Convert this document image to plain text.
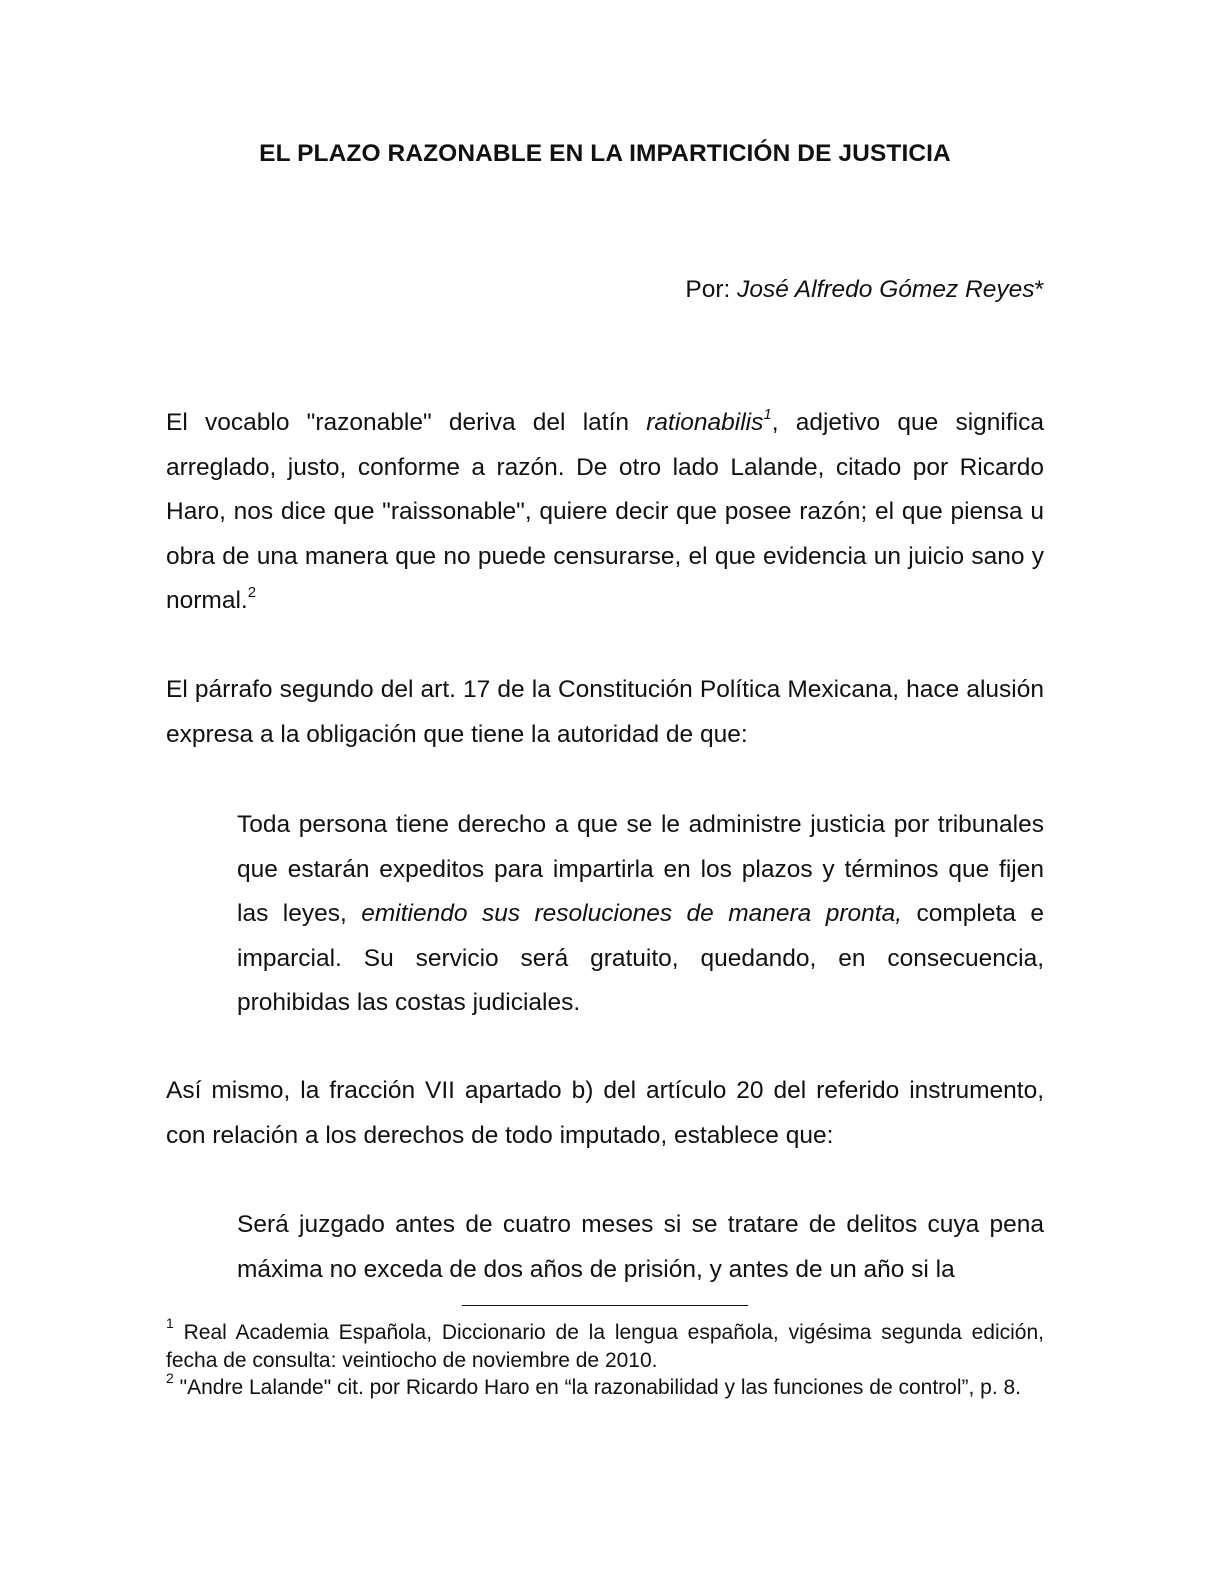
EL PLAZO RAZONABLE EN LA IMPARTICIÓN DE JUSTICIA
Por: José Alfredo Gómez Reyes*
El vocablo "razonable" deriva del latín rationabilis$^1$, adjetivo que significa arreglado, justo, conforme a razón. De otro lado Lalande, citado por Ricardo Haro, nos dice que "raissonable", quiere decir que posee razón; el que piensa u obra de una manera que no puede censurarse, el que evidencia un juicio sano y normal.$^2$
El párrafo segundo del art. 17 de la Constitución Política Mexicana, hace alusión expresa a la obligación que tiene la autoridad de que:
Toda persona tiene derecho a que se le administre justicia por tribunales que estarán expeditos para impartirla en los plazos y términos que fijen las leyes, emitiendo sus resoluciones de manera pronta, completa e imparcial. Su servicio será gratuito, quedando, en consecuencia, prohibidas las costas judiciales.
Así mismo, la fracción VII apartado b) del artículo 20 del referido instrumento, con relación a los derechos de todo imputado, establece que:
Será juzgado antes de cuatro meses si se tratare de delitos cuya pena máxima no exceda de dos años de prisión, y antes de un año si la
$^1$ Real Academia Española, Diccionario de la lengua española, vigésima segunda edición, fecha de consulta: veintiocho de noviembre de 2010.
$^2$ "Andre Lalande" cit. por Ricardo Haro en “la razonabilidad y las funciones de control”, p. 8.
